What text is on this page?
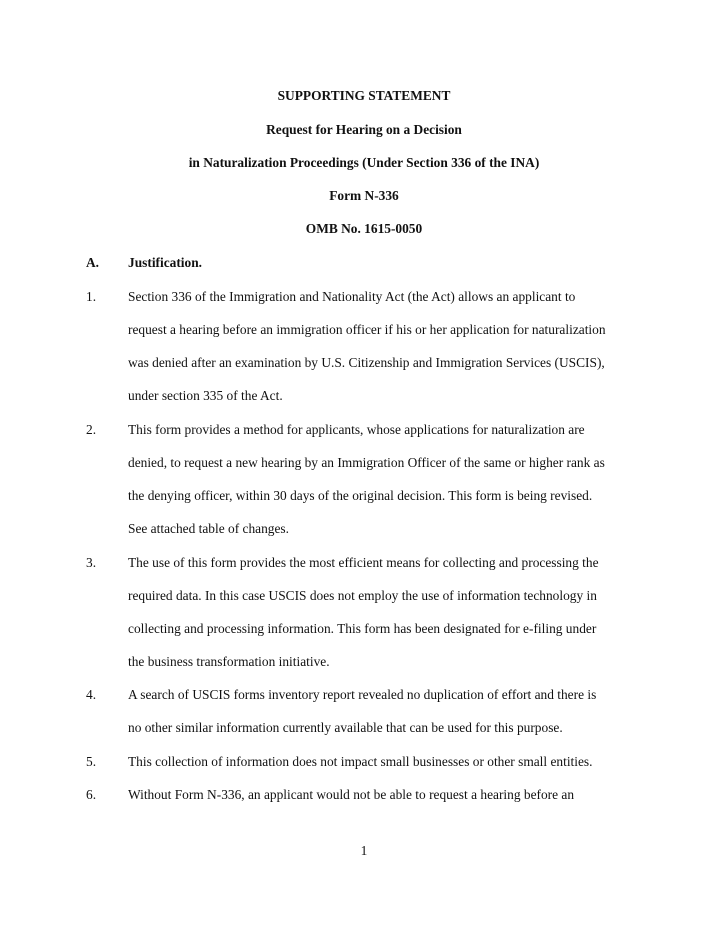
SUPPORTING STATEMENT
Request for Hearing on a Decision
in Naturalization Proceedings (Under Section 336 of the INA)
Form N-336
OMB No. 1615-0050
A. Justification.
1. Section 336 of the Immigration and Nationality Act (the Act) allows an applicant to
request a hearing before an immigration officer if his or her application for naturalization
was denied after an examination by U.S. Citizenship and Immigration Services (USCIS),
under section 335 of the Act.
2. This form provides a method for applicants, whose applications for naturalization are
denied, to request a new hearing by an Immigration Officer of the same or higher rank as
the denying officer, within 30 days of the original decision. This form is being revised.
See attached table of changes.
3. The use of this form provides the most efficient means for collecting and processing the
required data. In this case USCIS does not employ the use of information technology in
collecting and processing information. This form has been designated for e-filing under
the business transformation initiative.
4. A search of USCIS forms inventory report revealed no duplication of effort and there is
no other similar information currently available that can be used for this purpose.
5. This collection of information does not impact small businesses or other small entities.
6. Without Form N-336, an applicant would not be able to request a hearing before an
1
